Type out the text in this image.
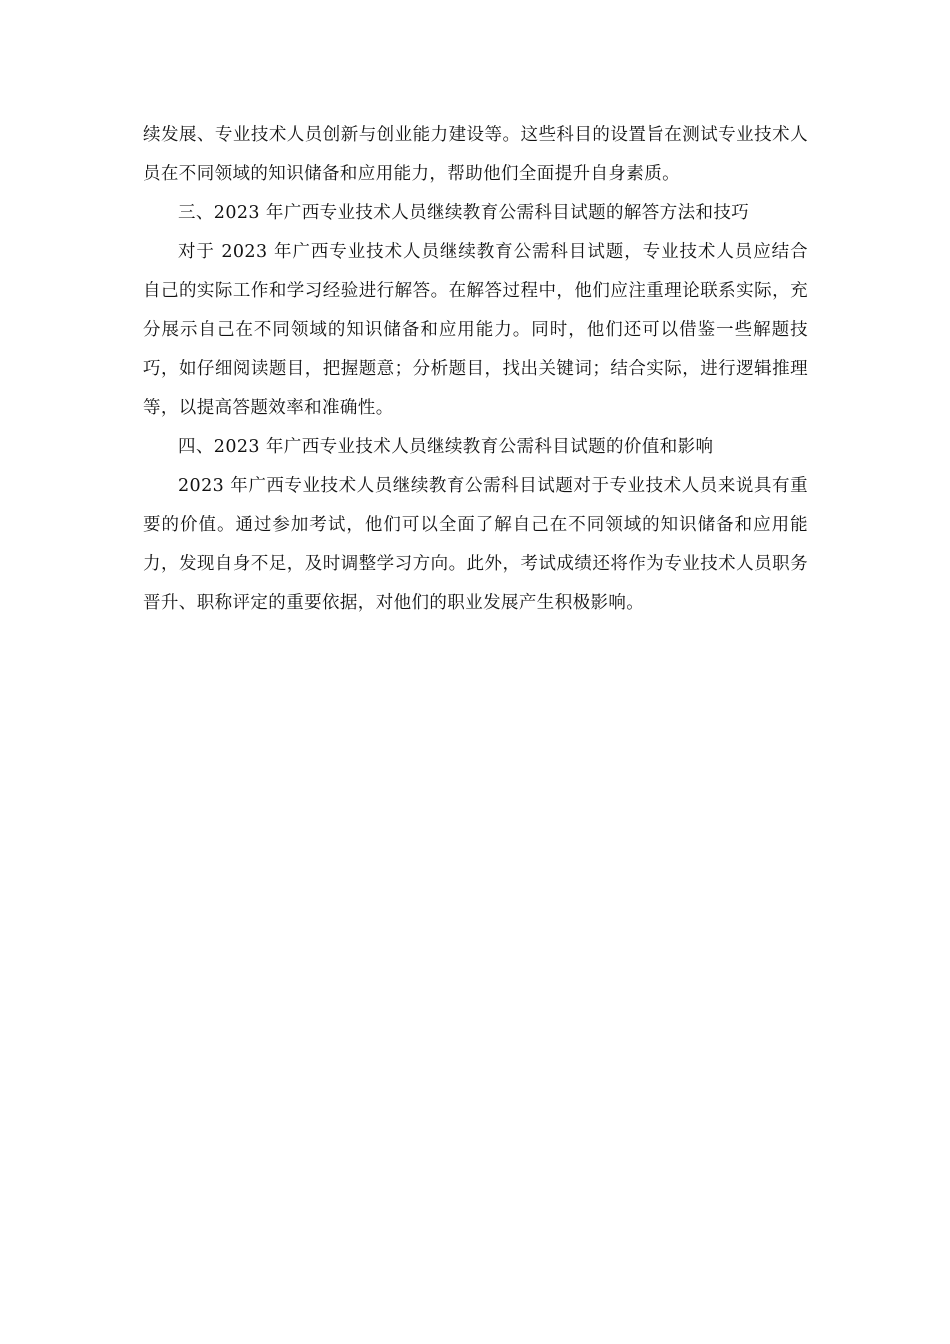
续发展、专业技术人员创新与创业能力建设等。这些科目的设置旨在测试专业技术人员在不同领域的知识储备和应用能力，帮助他们全面提升自身素质。

三、2023 年广西专业技术人员继续教育公需科目试题的解答方法和技巧

对于 2023 年广西专业技术人员继续教育公需科目试题，专业技术人员应结合自己的实际工作和学习经验进行解答。在解答过程中，他们应注重理论联系实际，充分展示自己在不同领域的知识储备和应用能力。同时，他们还可以借鉴一些解题技巧，如仔细阅读题目，把握题意；分析题目，找出关键词；结合实际，进行逻辑推理等，以提高答题效率和准确性。

四、2023 年广西专业技术人员继续教育公需科目试题的价值和影响

2023 年广西专业技术人员继续教育公需科目试题对于专业技术人员来说具有重要的价值。通过参加考试，他们可以全面了解自己在不同领域的知识储备和应用能力，发现自身不足，及时调整学习方向。此外，考试成绩还将作为专业技术人员职务晋升、职称评定的重要依据，对他们的职业发展产生积极影响。
